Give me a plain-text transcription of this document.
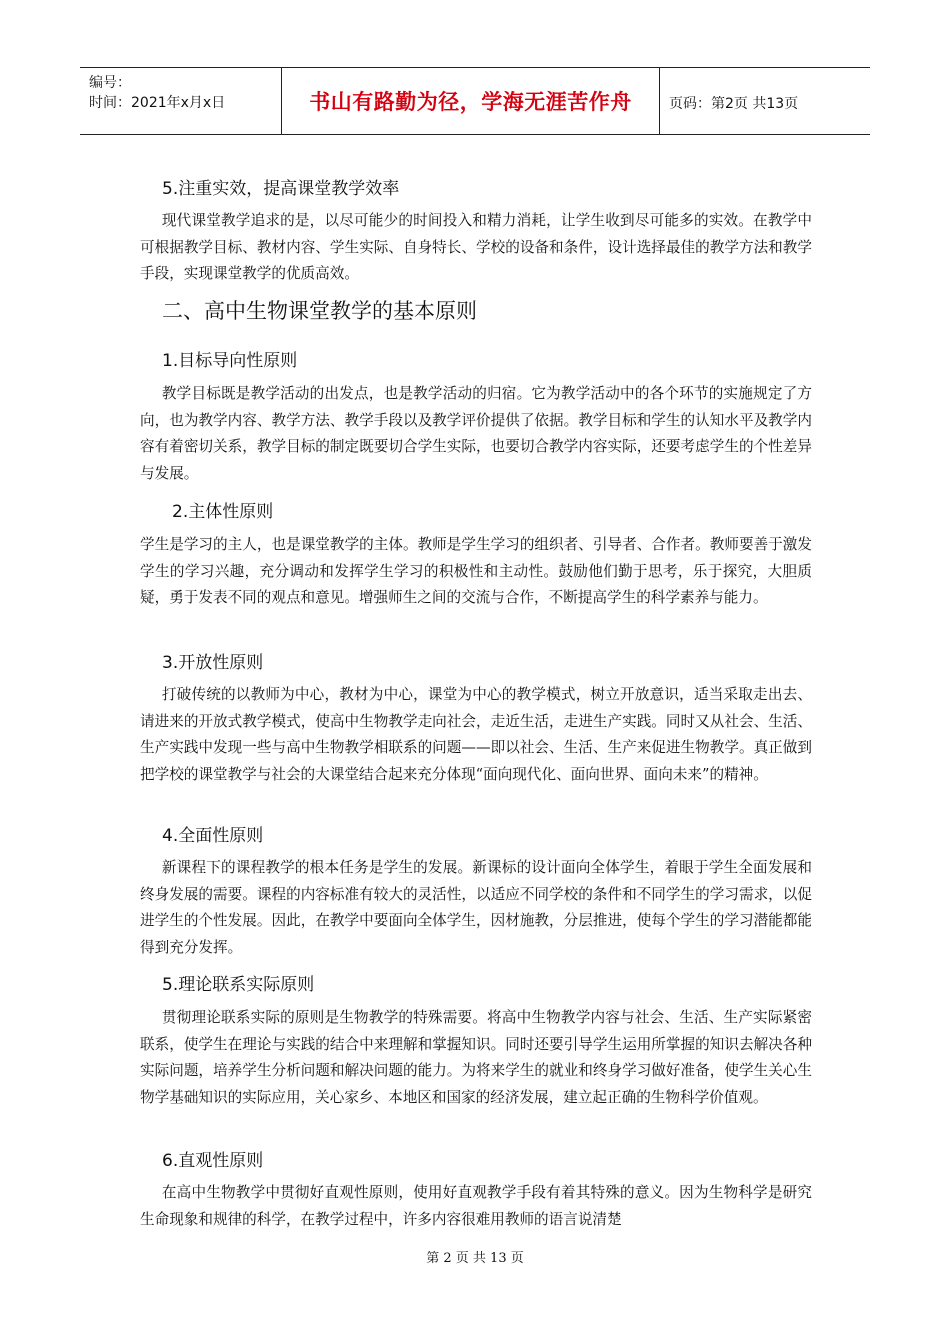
编号：
时间：2021年x月x日	书山有路勤为径，学海无涯苦作舟	页码：第2页 共13页
5.注重实效，提高课堂教学效率

现代课堂教学追求的是，以尽可能少的时间投入和精力消耗，让学生收到尽可能多的实效。在教学中可根据教学目标、教材内容、学生实际、自身特长、学校的设备和条件，设计选择最佳的教学方法和教学手段，实现课堂教学的优质高效。

二、高中生物课堂教学的基本原则
1.目标导向性原则

教学目标既是教学活动的出发点，也是教学活动的归宿。它为教学活动中的各个环节的实施规定了方向，也为教学内容、教学方法、教学手段以及教学评价提供了依据。教学目标和学生的认知水平及教学内容有着密切关系，教学目标的制定既要切合学生实际，也要切合教学内容实际，还要考虑学生的个性差异与发展。

2.主体性原则

学生是学习的主人，也是课堂教学的主体。教师是学生学习的组织者、引导者、合作者。教师要善于激发学生的学习兴趣，充分调动和发挥学生学习的积极性和主动性。鼓励他们勤于思考，乐于探究，大胆质疑，勇于发表不同的观点和意见。增强师生之间的交流与合作，不断提高学生的科学素养与能力。

3.开放性原则

打破传统的以教师为中心，教材为中心，课堂为中心的教学模式，树立开放意识，适当采取走出去、请进来的开放式教学模式，使高中生物教学走向社会，走近生活，走进生产实践。同时又从社会、生活、生产实践中发现一些与高中生物教学相联系的问题——即以社会、生活、生产来促进生物教学。真正做到把学校的课堂教学与社会的大课堂结合起来充分体现“面向现代化、面向世界、面向未来”的精神。

4.全面性原则

新课程下的课程教学的根本任务是学生的发展。新课标的设计面向全体学生，着眼于学生全面发展和终身发展的需要。课程的内容标准有较大的灵活性，以适应不同学校的条件和不同学生的学习需求，以促进学生的个性发展。因此，在教学中要面向全体学生，因材施教，分层推进，使每个学生的学习潜能都能得到充分发挥。

5.理论联系实际原则

贯彻理论联系实际的原则是生物教学的特殊需要。将高中生物教学内容与社会、生活、生产实际紧密联系，使学生在理论与实践的结合中来理解和掌握知识。同时还要引导学生运用所掌握的知识去解决各种实际问题，培养学生分析问题和解决问题的能力。为将来学生的就业和终身学习做好准备，使学生关心生物学基础知识的实际应用，关心家乡、本地区和国家的经济发展，建立起正确的生物科学价值观。

6.直观性原则

在高中生物教学中贯彻好直观性原则，使用好直观教学手段有着其特殊的意义。因为生物科学是研究生命现象和规律的科学，在教学过程中，许多内容很难用教师的语言说清楚

第 2 页 共 13 页
